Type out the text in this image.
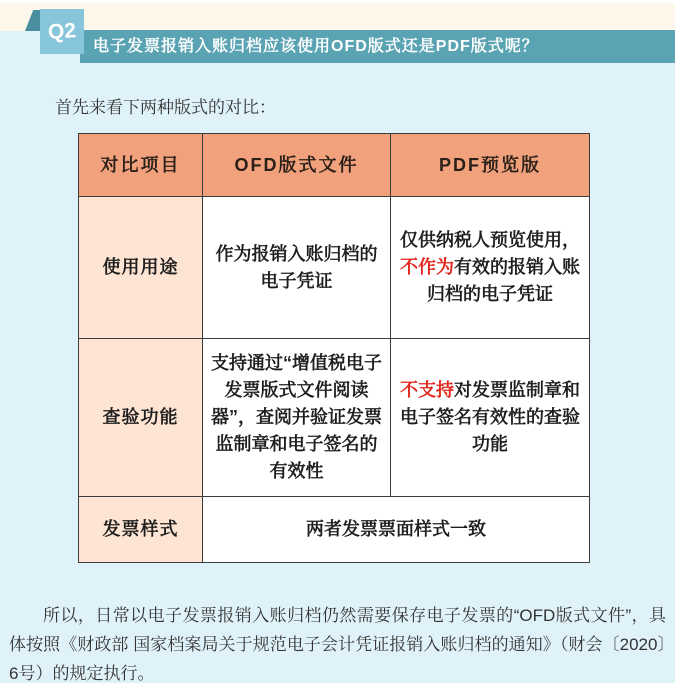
电子发票报销入账归档应该使用OFD版式还是PDF版式呢？
Q2

首先来看下两种版式的对比：

对比项目	OFD版式文件	PDF预览版
使用用途	作为报销入账归档的电子凭证	仅供纳税人预览使用，不作为有效的报销入账归档的电子凭证
查验功能	支持通过“增值税电子发票版式文件阅读器”，查阅并验证发票监制章和电子签名的有效性	不支持对发票监制章和电子签名有效性的查验功能
发票样式	两者发票票面样式一致	

所以，日常以电子发票报销入账归档仍然需要保存电子发票的“OFD版式文件”，具体按照《财政部 国家档案局关于规范电子会计凭证报销入账归档的通知》（财会〔2020〕6号）的规定执行。
